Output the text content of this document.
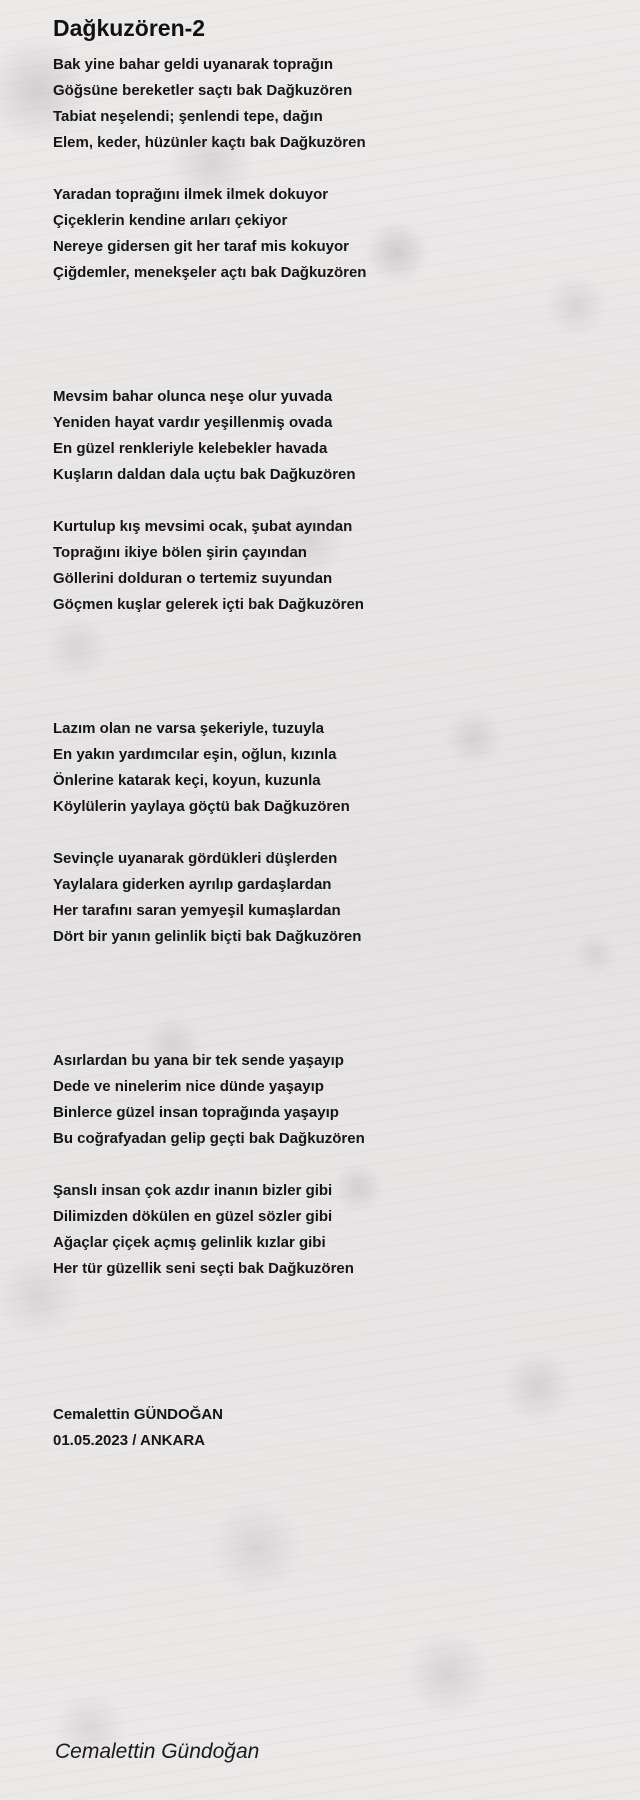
Dağkuzören-2
Bak yine bahar geldi uyanarak toprağın
Göğsüne bereketler saçtı bak Dağkuzören
Tabiat neşelendi; şenlendi tepe, dağın
Elem, keder, hüzünler kaçtı bak Dağkuzören
Yaradan toprağını ilmek ilmek dokuyor
Çiçeklerin kendine arıları çekiyor
Nereye gidersen git her taraf mis kokuyor
Çiğdemler, menekşeler açtı bak Dağkuzören
Mevsim bahar olunca neşe olur yuvada
Yeniden hayat vardır yeşillenmiş ovada
En güzel renkleriyle kelebekler havada
Kuşların daldan dala uçtu bak Dağkuzören
Kurtulup kış mevsimi ocak, şubat ayından
Toprağını ikiye bölen şirin çayından
Göllerini dolduran o tertemiz suyundan
Göçmen kuşlar gelerek içti bak Dağkuzören
Lazım olan ne varsa şekeriyle, tuzuyla
En yakın yardımcılar eşin, oğlun, kızınla
Önlerine katarak keçi, koyun, kuzunla
Köylülerin yaylaya göçtü bak Dağkuzören
Sevinçle uyanarak gördükleri düşlerden
Yaylalara giderken ayrılıp gardaşlardan
Her tarafını saran yemyeşil kumaşlardan
Dört bir yanın gelinlik biçti bak Dağkuzören
Asırlardan bu yana bir tek sende yaşayıp
Dede ve ninelerim nice dünde yaşayıp
Binlerce güzel insan toprağında yaşayıp
Bu coğrafyadan gelip geçti bak Dağkuzören
Şanslı insan çok azdır inanın bizler gibi
Dilimizden dökülen en güzel sözler gibi
Ağaçlar çiçek açmış gelinlik kızlar gibi
Her tür güzellik seni seçti bak Dağkuzören
Cemalettin GÜNDOĞAN
01.05.2023 / ANKARA
Cemalettin Gündoğan
